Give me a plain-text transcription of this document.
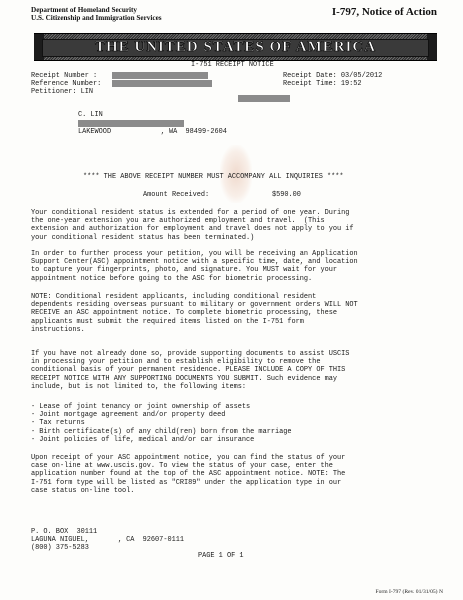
Department of Homeland Security
U.S. Citizenship and Immigration Services	I-797, Notice of Action
THE UNITED STATES OF AMERICA
I-751 RECEIPT NOTICE
Receipt Number :
Reference Number:
Petitioner: LIN
Receipt Date: 03/05/2012
Receipt Time: 19:52
C. LIN
LAKEWOOD            , WA  98499-2604
**** THE ABOVE RECEIPT NUMBER MUST ACCOMPANY ALL INQUIRIES ****
Amount Received:	$590.00
Your conditional resident status is extended for a period of one year. During
the one-year extension you are authorized employment and travel.  (This
extension and authorization for employment and travel does not apply to you if
your conditional resident status has been terminated.)
In order to further process your petition, you will be receiving an Application
Support Center(ASC) appointment notice with a specific time, date, and location
to capture your fingerprints, photo, and signature. You MUST wait for your
appointment notice before going to the ASC for biometric processing.
NOTE: Conditional resident applicants, including conditional resident
dependents residing overseas pursuant to military or government orders WILL NOT
RECEIVE an ASC appointment notice. To complete biometric processing, these
applicants must submit the required items listed on the I-751 form
instructions.
If you have not already done so, provide supporting documents to assist USCIS
in processing your petition and to establish eligibility to remove the
conditional basis of your permanent residence. PLEASE INCLUDE A COPY OF THIS
RECEIPT NOTICE WITH ANY SUPPORTING DOCUMENTS YOU SUBMIT. Such evidence may
include, but is not limited to, the following items:
- Lease of joint tenancy or joint ownership of assets
- Joint mortgage agreement and/or property deed
- Tax returns
- Birth certificate(s) of any child(ren) born from the marriage
- Joint policies of life, medical and/or car insurance
Upon receipt of your ASC appointment notice, you can find the status of your
case on-line at www.uscis.gov. To view the status of your case, enter the
application number found at the top of the ASC appointment notice. NOTE: The
I-751 form type will be listed as "CRI89" under the application type in our
case status on-line tool.
P. O. BOX  30111
LAGUNA NIGUEL,       , CA  92607-0111
(800) 375-5283
PAGE 1 OF 1
Form I-797 (Rev. 01/31/05) N
